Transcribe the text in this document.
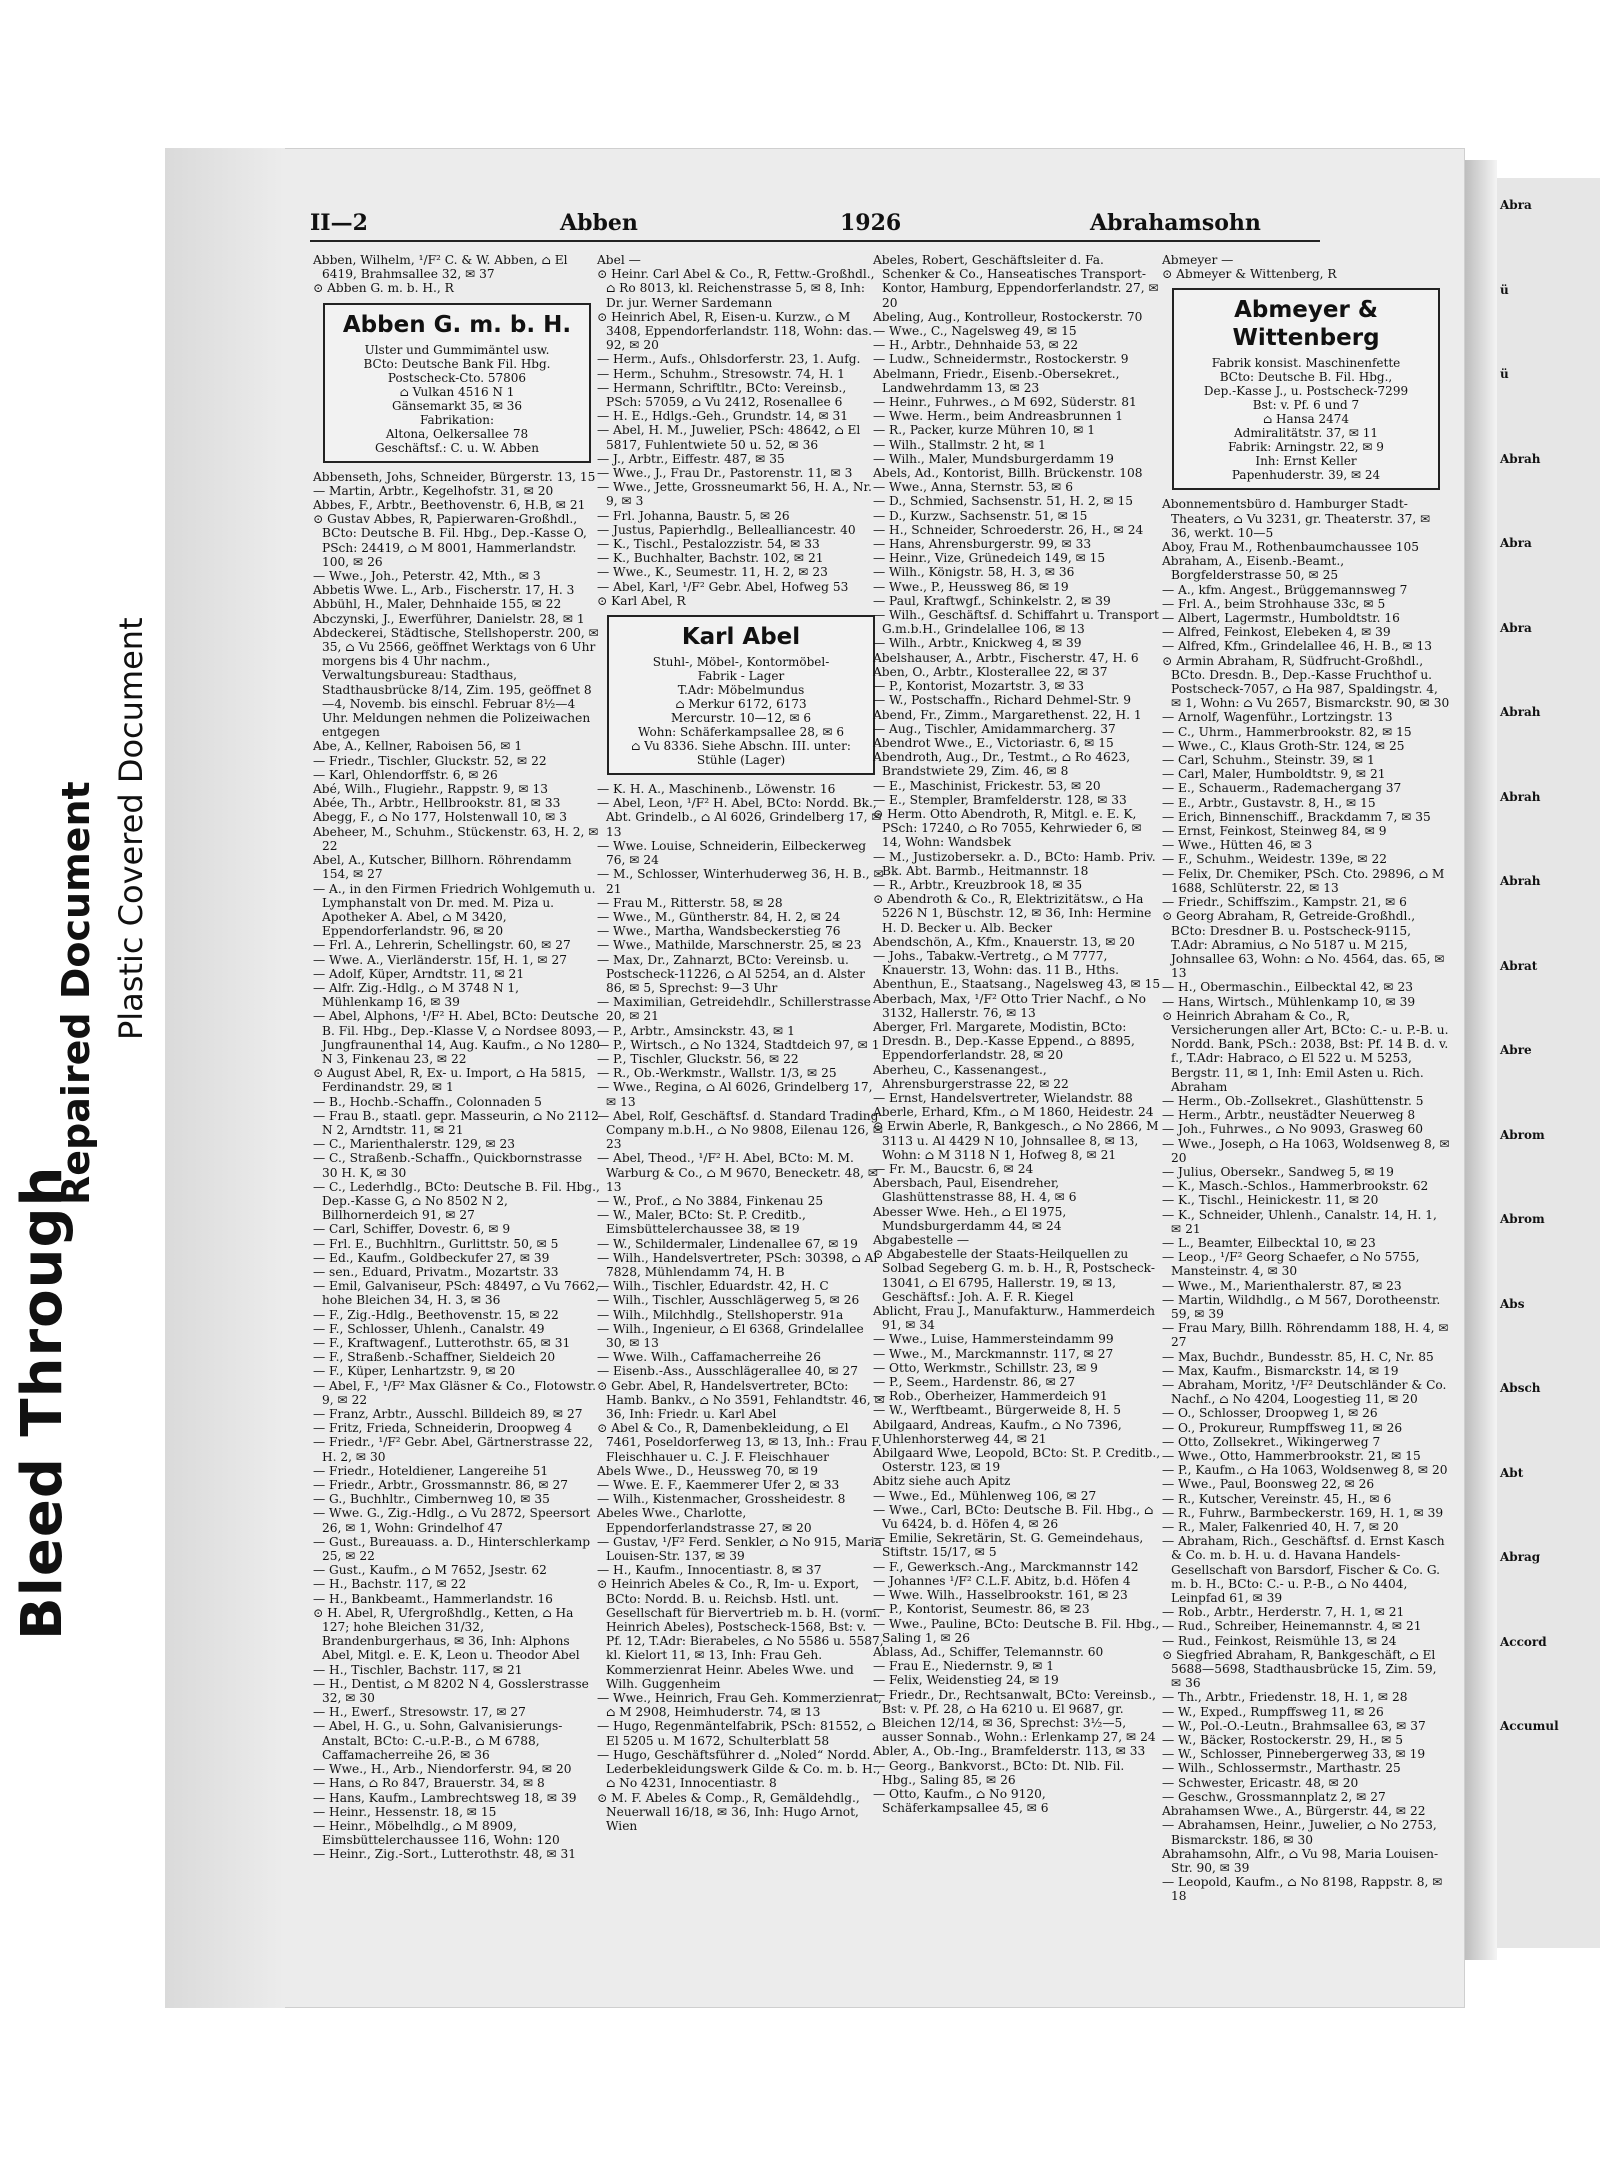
Bleed Through
Repaired Document Plastic Covered Document
II—2	Abben	1926	Abrahamsohn

Abben, Wilhelm, ¹/F² C. & W. Abben, ⌂ El 6419, Brahmsallee 32, ✉ 37

⊙ Abben G. m. b. H., R

Abben G. m. b. H.
Ulster und Gummimäntel usw.
BCto: Deutsche Bank Fil. Hbg.
Postscheck-Cto. 57806
⌂ Vulkan 4516 N 1
Gänsemarkt 35, ✉ 36
Fabrikation:
Altona, Oelkersallee 78
Geschäftsf.: C. u. W. Abben

Abbenseth, Johs, Schneider, Bürgerstr. 13, 15

— Martin, Arbtr., Kegelhofstr. 31, ✉ 20

Abbes, F., Arbtr., Beethovenstr. 6, H.B, ✉ 21

⊙ Gustav Abbes, R, Papierwaren-Großhdl., BCto: Deutsche B. Fil. Hbg., Dep.-Kasse O, PSch: 24419, ⌂ M 8001, Hammerlandstr. 100, ✉ 26

— Wwe., Joh., Peterstr. 42, Mth., ✉ 3

Abbetis Wwe. L., Arb., Fischerstr. 17, H. 3

Abbühl, H., Maler, Dehnhaide 155, ✉ 22

Abczynski, J., Ewerführer, Danielstr. 28, ✉ 1

Abdeckerei, Städtische, Stellshoperstr. 200, ✉ 35, ⌂ Vu 2566, geöffnet Werktags von 6 Uhr morgens bis 4 Uhr nachm., Verwaltungsbureau: Stadthaus, Stadthausbrücke 8/14, Zim. 195, geöffnet 8—4, Novemb. bis einschl. Februar 8½—4 Uhr. Meldungen nehmen die Polizeiwachen entgegen

Abe, A., Kellner, Raboisen 56, ✉ 1

— Friedr., Tischler, Gluckstr. 52, ✉ 22

— Karl, Ohlendorffstr. 6, ✉ 26

Abé, Wilh., Flugiehr., Rappstr. 9, ✉ 13

Abée, Th., Arbtr., Hellbrookstr. 81, ✉ 33

Abegg, F., ⌂ No 177, Holstenwall 10, ✉ 3

Abeheer, M., Schuhm., Stückenstr. 63, H. 2, ✉ 22

Abel, A., Kutscher, Billhorn. Röhrendamm 154, ✉ 27

— A., in den Firmen Friedrich Wohlgemuth u. Lymphanstalt von Dr. med. M. Piza u. Apotheker A. Abel, ⌂ M 3420, Eppendorferlandstr. 96, ✉ 20

— Frl. A., Lehrerin, Schellingstr. 60, ✉ 27

— Wwe. A., Vierländerstr. 15f, H. 1, ✉ 27

— Adolf, Küper, Arndtstr. 11, ✉ 21

— Alfr. Zig.-Hdlg., ⌂ M 3748 N 1, Mühlenkamp 16, ✉ 39

— Abel, Alphons, ¹/F² H. Abel, BCto: Deutsche B. Fil. Hbg., Dep.-Klasse V, ⌂ Nordsee 8093, Jungfraunenthal 14, Aug. Kaufm., ⌂ No 1280 N 3, Finkenau 23, ✉ 22

⊙ August Abel, R, Ex- u. Import, ⌂ Ha 5815, Ferdinandstr. 29, ✉ 1

— B., Hochb.-Schaffn., Colonnaden 5

— Frau B., staatl. gepr. Masseurin, ⌂ No 2112 N 2, Arndtstr. 11, ✉ 21

— C., Marienthalerstr. 129, ✉ 23

— C., Straßenb.-Schaffn., Quickbornstrasse 30 H. K, ✉ 30

— C., Lederhdlg., BCto: Deutsche B. Fil. Hbg., Dep.-Kasse G, ⌂ No 8502 N 2, Billhornerdeich 91, ✉ 27

— Carl, Schiffer, Dovestr. 6, ✉ 9

— Frl. E., Buchhltrn., Gurlittstr. 50, ✉ 5

— Ed., Kaufm., Goldbeckufer 27, ✉ 39

— sen., Eduard, Privatm., Mozartstr. 33

— Emil, Galvaniseur, PSch: 48497, ⌂ Vu 7662, hohe Bleichen 34, H. 3, ✉ 36

— F., Zig.-Hdlg., Beethovenstr. 15, ✉ 22

— F., Schlosser, Uhlenh., Canalstr. 49

— F., Kraftwagenf., Lutterothstr. 65, ✉ 31

— F., Straßenb.-Schaffner, Sieldeich 20

— F., Küper, Lenhartzstr. 9, ✉ 20

— Abel, F., ¹/F² Max Gläsner & Co., Flotowstr. 9, ✉ 22

— Franz, Arbtr., Ausschl. Billdeich 89, ✉ 27

— Fritz, Frieda, Schneiderin, Droopweg 4

— Friedr., ¹/F² Gebr. Abel, Gärtnerstrasse 22, H. 2, ✉ 30

— Friedr., Hoteldiener, Langereihe 51

— Friedr., Arbtr., Grossmannstr. 86, ✉ 27

— G., Buchhltr., Cimbernweg 10, ✉ 35

— Wwe. G., Zig.-Hdlg., ⌂ Vu 2872, Speersort 26, ✉ 1, Wohn: Grindelhof 47

— Gust., Bureauass. a. D., Hinterschlerkamp 25, ✉ 22

— Gust., Kaufm., ⌂ M 7652, Jsestr. 62

— H., Bachstr. 117, ✉ 22

— H., Bankbeamt., Hammerlandstr. 16

⊙ H. Abel, R, Ufergroßhdlg., Ketten, ⌂ Ha 127; hohe Bleichen 31/32, Brandenburgerhaus, ✉ 36, Inh: Alphons Abel, Mitgl. e. E. K, Leon u. Theodor Abel

— H., Tischler, Bachstr. 117, ✉ 21

— H., Dentist, ⌂ M 8202 N 4, Gosslerstrasse 32, ✉ 30

— H., Ewerf., Stresowstr. 17, ✉ 27

— Abel, H. G., u. Sohn, Galvanisierungs-Anstalt, BCto: C.-u.P.-B., ⌂ M 6788, Caffamacherreihe 26, ✉ 36

— Wwe., H., Arb., Niendorferstr. 94, ✉ 20

— Hans, ⌂ Ro 847, Brauerstr. 34, ✉ 8

— Hans, Kaufm., Lambrechtsweg 18, ✉ 39

— Heinr., Hessenstr. 18, ✉ 15

— Heinr., Möbelhdlg., ⌂ M 8909, Eimsbüttelerchaussee 116, Wohn: 120

— Heinr., Zig.-Sort., Lutterothstr. 48, ✉ 31

Abel —

⊙ Heinr. Carl Abel & Co., R, Fettw.-Großhdl., ⌂ Ro 8013, kl. Reichenstrasse 5, ✉ 8, Inh: Dr. jur. Werner Sardemann

⊙ Heinrich Abel, R, Eisen-u. Kurzw., ⌂ M 3408, Eppendorferlandstr. 118, Wohn: das. 92, ✉ 20

— Herm., Aufs., Ohlsdorferstr. 23, 1. Aufg.

— Herm., Schuhm., Stresowstr. 74, H. 1

— Hermann, Schriftltr., BCto: Vereinsb., PSch: 57059, ⌂ Vu 2412, Rosenallee 6

— H. E., Hdlgs.-Geh., Grundstr. 14, ✉ 31

— Abel, H. M., Juwelier, PSch: 48642, ⌂ El 5817, Fuhlentwiete 50 u. 52, ✉ 36

— J., Arbtr., Eiffestr. 487, ✉ 35

— Wwe., J., Frau Dr., Pastorenstr. 11, ✉ 3

— Wwe., Jette, Grossneumarkt 56, H. A., Nr. 9, ✉ 3

— Frl. Johanna, Baustr. 5, ✉ 26

— Justus, Papierhdlg., Bellealliancestr. 40

— K., Tischl., Pestalozzistr. 54, ✉ 33

— K., Buchhalter, Bachstr. 102, ✉ 21

— Wwe., K., Seumestr. 11, H. 2, ✉ 23

— Abel, Karl, ¹/F² Gebr. Abel, Hofweg 53

⊙ Karl Abel, R

Karl Abel
Stuhl-, Möbel-, Kontormöbel-
Fabrik - Lager
T.Adr: Möbelmundus
⌂ Merkur 6172, 6173
Mercurstr. 10—12, ✉ 6
Wohn: Schäferkampsallee 28, ✉ 6
⌂ Vu 8336. Siehe Abschn. III. unter: Stühle (Lager)

— K. H. A., Maschinenb., Löwenstr. 16

— Abel, Leon, ¹/F² H. Abel, BCto: Nordd. Bk., Abt. Grindelb., ⌂ Al 6026, Grindelberg 17, ✉ 13

— Wwe. Louise, Schneiderin, Eilbeckerweg 76, ✉ 24

— M., Schlosser, Winterhuderweg 36, H. B., ✉ 21

— Frau M., Ritterstr. 58, ✉ 28

— Wwe., M., Güntherstr. 84, H. 2, ✉ 24

— Wwe., Martha, Wandsbeckerstieg 76

— Wwe., Mathilde, Marschnerstr. 25, ✉ 23

— Max, Dr., Zahnarzt, BCto: Vereinsb. u. Postscheck-11226, ⌂ Al 5254, an d. Alster 86, ✉ 5, Sprechst: 9—3 Uhr

— Maximilian, Getreidehdlr., Schillerstrasse 20, ✉ 21

— P., Arbtr., Amsinckstr. 43, ✉ 1

— P., Wirtsch., ⌂ No 1324, Stadtdeich 97, ✉ 1

— P., Tischler, Gluckstr. 56, ✉ 22

— R., Ob.-Werkmstr., Wallstr. 1/3, ✉ 25

— Wwe., Regina, ⌂ Al 6026, Grindelberg 17, ✉ 13

— Abel, Rolf, Geschäftsf. d. Standard Trading Company m.b.H., ⌂ No 9808, Eilenau 126, ✉ 23

— Abel, Theod., ¹/F² H. Abel, BCto: M. M. Warburg & Co., ⌂ M 9670, Benecketr. 48, ✉ 13

— W., Prof., ⌂ No 3884, Finkenau 25

— W., Maler, BCto: St. P. Creditb., Eimsbüttelerchaussee 38, ✉ 19

— W., Schildermaler, Lindenallee 67, ✉ 19

— Wilh., Handelsvertreter, PSch: 30398, ⌂ Al 7828, Mühlendamm 74, H. B

— Wilh., Tischler, Eduardstr. 42, H. C

— Wilh., Tischler, Ausschlägerweg 5, ✉ 26

— Wilh., Milchhdlg., Stellshoperstr. 91a

— Wilh., Ingenieur, ⌂ El 6368, Grindelallee 30, ✉ 13

— Wwe. Wilh., Caffamacherreihe 26

— Eisenb.-Ass., Ausschlägerallee 40, ✉ 27

⊙ Gebr. Abel, R, Handelsvertreter, BCto: Hamb. Bankv., ⌂ No 3591, Fehlandtstr. 46, ✉ 36, Inh: Friedr. u. Karl Abel

⊙ Abel & Co., R, Damenbekleidung, ⌂ El 7461, Poseldorferweg 13, ✉ 13, Inh.: Frau F. Fleischhauer u. C. J. F. Fleischhauer

Abels Wwe., D., Heussweg 70, ✉ 19

— Wwe. E. F., Kaemmerer Ufer 2, ✉ 33

— Wilh., Kistenmacher, Grossheidestr. 8

Abeles Wwe., Charlotte, Eppendorferlandstrasse 27, ✉ 20

— Gustav, ¹/F² Ferd. Senkler, ⌂ No 915, Maria Louisen-Str. 137, ✉ 39

— H., Kaufm., Innocentiastr. 8, ✉ 37

⊙ Heinrich Abeles & Co., R, Im- u. Export, BCto: Nordd. B. u. Reichsb. Hstl. unt. Gesellschaft für Biervertrieb m. b. H. (vorm. Heinrich Abeles), Postscheck-1568, Bst: v. Pf. 12, T.Adr: Bierabeles, ⌂ No 5586 u. 5587, kl. Kielort 11, ✉ 13, Inh: Frau Geh. Kommerzienrat Heinr. Abeles Wwe. und Wilh. Guggenheim

— Wwe., Heinrich, Frau Geh. Kommerzienrat, ⌂ M 2908, Heimhuderstr. 74, ✉ 13

— Hugo, Regenmäntelfabrik, PSch: 81552, ⌂ El 5205 u. M 1672, Schulterblatt 58

— Hugo, Geschäftsführer d. „Noled“ Nordd. Lederbekleidungswerk Gilde & Co. m. b. H., ⌂ No 4231, Innocentiastr. 8

⊙ M. F. Abeles & Comp., R, Gemäldehdlg., Neuerwall 16/18, ✉ 36, Inh: Hugo Arnot, Wien

Abeles, Robert, Geschäftsleiter d. Fa. Schenker & Co., Hanseatisches Transport-Kontor, Hamburg, Eppendorferlandstr. 27, ✉ 20

Abeling, Aug., Kontrolleur, Rostockerstr. 70

— Wwe., C., Nagelsweg 49, ✉ 15

— H., Arbtr., Dehnhaide 53, ✉ 22

— Ludw., Schneidermstr., Rostockerstr. 9

Abelmann, Friedr., Eisenb.-Obersekret., Landwehrdamm 13, ✉ 23

— Heinr., Fuhrwes., ⌂ M 692, Süderstr. 81

— Wwe. Herm., beim Andreasbrunnen 1

— R., Packer, kurze Mühren 10, ✉ 1

— Wilh., Stallmstr. 2 ht, ✉ 1

— Wilh., Maler, Mundsburgerdamm 19

Abels, Ad., Kontorist, Billh. Brückenstr. 108

— Wwe., Anna, Sternstr. 53, ✉ 6

— D., Schmied, Sachsenstr. 51, H. 2, ✉ 15

— D., Kurzw., Sachsenstr. 51, ✉ 15

— H., Schneider, Schroederstr. 26, H., ✉ 24

— Hans, Ahrensburgerstr. 99, ✉ 33

— Heinr., Vize, Grünedeich 149, ✉ 15

— Wilh., Königstr. 58, H. 3, ✉ 36

— Wwe., P., Heussweg 86, ✉ 19

— Paul, Kraftwgf., Schinkelstr. 2, ✉ 39

— Wilh., Geschäftsf. d. Schiffahrt u. Transport G.m.b.H., Grindelallee 106, ✉ 13

— Wilh., Arbtr., Knickweg 4, ✉ 39

Abelshauser, A., Arbtr., Fischerstr. 47, H. 6

Aben, O., Arbtr., Klosterallee 22, ✉ 37

— P., Kontorist, Mozartstr. 3, ✉ 33

— W., Postschaffn., Richard Dehmel-Str. 9

Abend, Fr., Zimm., Margarethenst. 22, H. 1

— Aug., Tischler, Amidammarcherg. 37

Abendrot Wwe., E., Victoriastr. 6, ✉ 15

Abendroth, Aug., Dr., Testmt., ⌂ Ro 4623, Brandstwiete 29, Zim. 46, ✉ 8

— E., Maschinist, Frickestr. 53, ✉ 20

— E., Stempler, Bramfelderstr. 128, ✉ 33

⊙ Herm. Otto Abendroth, R, Mitgl. e. E. K, PSch: 17240, ⌂ Ro 7055, Kehrwieder 6, ✉ 14, Wohn: Wandsbek

— M., Justizobersekr. a. D., BCto: Hamb. Priv. Bk. Abt. Barmb., Heitmannstr. 18

— R., Arbtr., Kreuzbrook 18, ✉ 35

⊙ Abendroth & Co., R, Elektrizitätsw., ⌂ Ha 5226 N 1, Büschstr. 12, ✉ 36, Inh: Hermine H. D. Becker u. Alb. Becker

Abendschön, A., Kfm., Knauerstr. 13, ✉ 20

— Johs., Tabakw.-Vertretg., ⌂ M 7777, Knauerstr. 13, Wohn: das. 11 B., Hths.

Abenthun, E., Staatsang., Nagelsweg 43, ✉ 15

Aberbach, Max, ¹/F² Otto Trier Nachf., ⌂ No 3132, Hallerstr. 76, ✉ 13

Aberger, Frl. Margarete, Modistin, BCto: Dresdn. B., Dep.-Kasse Eppend., ⌂ 8895, Eppendorferlandstr. 28, ✉ 20

Aberheu, C., Kassenangest., Ahrensburgerstrasse 22, ✉ 22

— Ernst, Handelsvertreter, Wielandstr. 88

Aberle, Erhard, Kfm., ⌂ M 1860, Heidestr. 24

⊙ Erwin Aberle, R, Bankgesch., ⌂ No 2866, M 3113 u. Al 4429 N 10, Johnsallee 8, ✉ 13, Wohn: ⌂ M 3118 N 1, Hofweg 8, ✉ 21

— Fr. M., Baucstr. 6, ✉ 24

Abersbach, Paul, Eisendreher, Glashüttenstrasse 88, H. 4, ✉ 6

Abesser Wwe. Heh., ⌂ El 1975, Mundsburgerdamm 44, ✉ 24

Abgabestelle —

⊙ Abgabestelle der Staats-Heilquellen zu Solbad Segeberg G. m. b. H., R, Postscheck-13041, ⌂ El 6795, Hallerstr. 19, ✉ 13, Geschäftsf.: Joh. A. F. R. Kiegel

Ablicht, Frau J., Manufakturw., Hammerdeich 91, ✉ 34

— Wwe., Luise, Hammersteindamm 99

— Wwe., M., Marckmannstr. 117, ✉ 27

— Otto, Werkmstr., Schillstr. 23, ✉ 9

— P., Seem., Hardenstr. 86, ✉ 27

— Rob., Oberheizer, Hammerdeich 91

— W., Werftbeamt., Bürgerweide 8, H. 5

Abilgaard, Andreas, Kaufm., ⌂ No 7396, Uhlenhorsterweg 44, ✉ 21

Abilgaard Wwe, Leopold, BCto: St. P. Creditb., Osterstr. 123, ✉ 19

Abitz siehe auch Apitz

— Wwe., Ed., Mühlenweg 106, ✉ 27

— Wwe., Carl, BCto: Deutsche B. Fil. Hbg., ⌂ Vu 6424, b. d. Höfen 4, ✉ 26

— Emilie, Sekretärin, St. G. Gemeindehaus, Stiftstr. 15/17, ✉ 5

— F., Gewerksch.-Ang., Marckmannstr 142

— Johannes ¹/F² C.L.F. Abitz, b.d. Höfen 4

— Wwe. Wilh., Hasselbrookstr. 161, ✉ 23

— P., Kontorist, Seumestr. 86, ✉ 23

— Wwe., Pauline, BCto: Deutsche B. Fil. Hbg., Saling 1, ✉ 26

Ablass, Ad., Schiffer, Telemannstr. 60

— Frau E., Niedernstr. 9, ✉ 1

— Felix, Weidenstieg 24, ✉ 19

— Friedr., Dr., Rechtsanwalt, BCto: Vereinsb., Bst: v. Pf. 28, ⌂ Ha 6210 u. El 9687, gr. Bleichen 12/14, ✉ 36, Sprechst: 3½—5, ausser Sonnab., Wohn.: Erlenkamp 27, ✉ 24

Abler, A., Ob.-Ing., Bramfelderstr. 113, ✉ 33

— Georg., Bankvorst., BCto: Dt. Nlb. Fil. Hbg., Saling 85, ✉ 26

— Otto, Kaufm., ⌂ No 9120, Schäferkampsallee 45, ✉ 6

Abmeyer —

⊙ Abmeyer & Wittenberg, R

Abmeyer & Wittenberg
Fabrik konsist. Maschinenfette
BCto: Deutsche B. Fil. Hbg.,
Dep.-Kasse J., u. Postscheck-7299
Bst: v. Pf. 6 und 7
⌂ Hansa 2474
Admiralitätstr. 37, ✉ 11
Fabrik: Arningstr. 22, ✉ 9
Inh: Ernst Keller
Papenhuderstr. 39, ✉ 24

Abonnementsbüro d. Hamburger Stadt-Theaters, ⌂ Vu 3231, gr. Theaterstr. 37, ✉ 36, werkt. 10—5

Aboy, Frau M., Rothenbaumchaussee 105

Abraham, A., Eisenb.-Beamt., Borgfelderstrasse 50, ✉ 25

— A., kfm. Angest., Brüggemannsweg 7

— Frl. A., beim Strohhause 33c, ✉ 5

— Albert, Lagermstr., Humboldtstr. 16

— Alfred, Feinkost, Elebeken 4, ✉ 39

— Alfred, Kfm., Grindelallee 46, H. B., ✉ 13

⊙ Armin Abraham, R, Südfrucht-Großhdl., BCto. Dresdn. B., Dep.-Kasse Fruchthof u. Postscheck-7057, ⌂ Ha 987, Spaldingstr. 4, ✉ 1, Wohn: ⌂ Vu 2657, Bismarckstr. 90, ✉ 30

— Arnolf, Wagenführ., Lortzingstr. 13

— C., Uhrm., Hammerbrookstr. 82, ✉ 15

— Wwe., C., Klaus Groth-Str. 124, ✉ 25

— Carl, Schuhm., Steinstr. 39, ✉ 1

— Carl, Maler, Humboldtstr. 9, ✉ 21

— E., Schauerm., Rademachergang 37

— E., Arbtr., Gustavstr. 8, H., ✉ 15

— Erich, Binnenschiff., Brackdamm 7, ✉ 35

— Ernst, Feinkost, Steinweg 84, ✉ 9

— Wwe., Hütten 46, ✉ 3

— F., Schuhm., Weidestr. 139e, ✉ 22

— Felix, Dr. Chemiker, PSch. Cto. 29896, ⌂ M 1688, Schlüterstr. 22, ✉ 13

— Friedr., Schiffszim., Kampstr. 21, ✉ 6

⊙ Georg Abraham, R, Getreide-Großhdl., BCto: Dresdner B. u. Postscheck-9115, T.Adr: Abramius, ⌂ No 5187 u. M 215, Johnsallee 63, Wohn: ⌂ No. 4564, das. 65, ✉ 13

— H., Obermaschin., Eilbecktal 42, ✉ 23

— Hans, Wirtsch., Mühlenkamp 10, ✉ 39

⊙ Heinrich Abraham & Co., R, Versicherungen aller Art, BCto: C.- u. P.-B. u. Nordd. Bank, PSch.: 2038, Bst: Pf. 14 B. d. v. f., T.Adr: Habraco, ⌂ El 522 u. M 5253, Bergstr. 11, ✉ 1, Inh: Emil Asten u. Rich. Abraham

— Herm., Ob.-Zollsekret., Glashüttenstr. 5

— Herm., Arbtr., neustädter Neuerweg 8

— Joh., Fuhrwes., ⌂ No 9093, Grasweg 60

— Wwe., Joseph, ⌂ Ha 1063, Woldsenweg 8, ✉ 20

— Julius, Obersekr., Sandweg 5, ✉ 19

— K., Masch.-Schlos., Hammerbrookstr. 62

— K., Tischl., Heinickestr. 11, ✉ 20

— K., Schneider, Uhlenh., Canalstr. 14, H. 1, ✉ 21

— L., Beamter, Eilbecktal 10, ✉ 23

— Leop., ¹/F² Georg Schaefer, ⌂ No 5755, Mansteinstr. 4, ✉ 30

— Wwe., M., Marienthalerstr. 87, ✉ 23

— Martin, Wildhdlg., ⌂ M 567, Dorotheenstr. 59, ✉ 39

— Frau Mary, Billh. Röhrendamm 188, H. 4, ✉ 27

— Max, Buchdr., Bundesstr. 85, H. C, Nr. 85

— Max, Kaufm., Bismarckstr. 14, ✉ 19

— Abraham, Moritz, ¹/F² Deutschländer & Co. Nachf., ⌂ No 4204, Loogestieg 11, ✉ 20

— O., Schlosser, Droopweg 1, ✉ 26

— O., Prokureur, Rumpffsweg 11, ✉ 26

— Otto, Zollsekret., Wikingerweg 7

— Wwe., Otto, Hammerbrookstr. 21, ✉ 15

— P., Kaufm., ⌂ Ha 1063, Woldsenweg 8, ✉ 20

— Wwe., Paul, Boonsweg 22, ✉ 26

— R., Kutscher, Vereinstr. 45, H., ✉ 6

— R., Fuhrw., Barmbeckerstr. 169, H. 1, ✉ 39

— R., Maler, Falkenried 40, H. 7, ✉ 20

— Abraham, Rich., Geschäftsf. d. Ernst Kasch & Co. m. b. H. u. d. Havana Handels-Gesellschaft von Barsdorf, Fischer & Co. G. m. b. H., BCto: C.- u. P.-B., ⌂ No 4404, Leinpfad 61, ✉ 39

— Rob., Arbtr., Herderstr. 7, H. 1, ✉ 21

— Rud., Schreiber, Heinemannstr. 4, ✉ 21

— Rud., Feinkost, Reismühle 13, ✉ 24

⊙ Siegfried Abraham, R, Bankgeschäft, ⌂ El 5688—5698, Stadthausbrücke 15, Zim. 59, ✉ 36

— Th., Arbtr., Friedenstr. 18, H. 1, ✉ 28

— W., Exped., Rumpffsweg 11, ✉ 26

— W., Pol.-O.-Leutn., Brahmsallee 63, ✉ 37

— W., Bäcker, Rostockerstr. 29, H., ✉ 5

— W., Schlosser, Pinnebergerweg 33, ✉ 19

— Wilh., Schlossermstr., Marthastr. 25

— Schwester, Ericastr. 48, ✉ 20

— Geschw., Grossmannplatz 2, ✉ 27

Abrahamsen Wwe., A., Bürgerstr. 44, ✉ 22

— Abrahamsen, Heinr., Juwelier, ⌂ No 2753, Bismarckstr. 186, ✉ 30

Abrahamsohn, Alfr., ⌂ Vu 98, Maria Louisen-Str. 90, ✉ 39

— Leopold, Kaufm., ⌂ No 8198, Rappstr. 8, ✉ 18

Abra
ü
ü
Abrah
Abra
Abra
Abrah
Abrah
Abrah
Abrat
Abre
Abrom
Abrom
Abs
Absch
Abt
Abrag
Accord
Accumul
